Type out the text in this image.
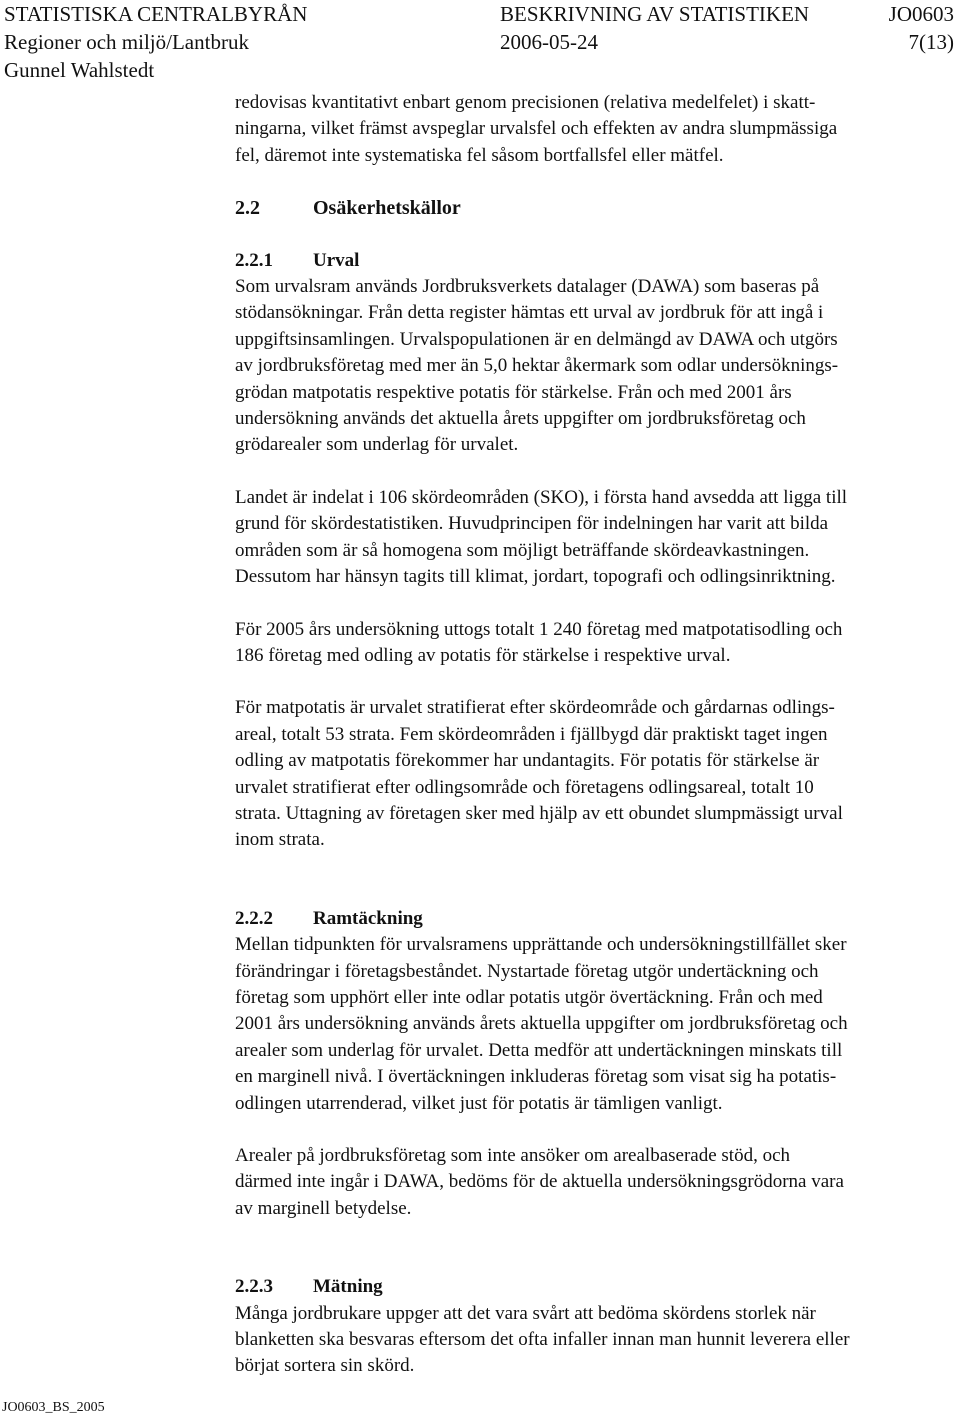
STATISTISKA CENTRALBYRÅN	BESKRIVNING AV STATISTIKEN	JO0603
Regioner och miljö/Lantbruk	2006-05-24	7(13)
Gunnel Wahlstedt

redovisas kvantitativt enbart genom precisionen (relativa medelfelet) i skatt-
ningarna, vilket främst avspeglar urvalsfel och effekten av andra slumpmässiga
fel, däremot inte systematiska fel såsom bortfallsfel eller mätfel.

2.2	Osäkerhetskällor
2.2.1 Urval

Som urvalsram används Jordbruksverkets datalager (DAWA) som baseras på
stödansökningar. Från detta register hämtas ett urval av jordbruk för att ingå i
uppgiftsinsamlingen. Urvalspopulationen är en delmängd av DAWA och utgörs
av jordbruksföretag med mer än 5,0 hektar åkermark som odlar undersöknings-
grödan matpotatis respektive potatis för stärkelse. Från och med 2001 års
undersökning används det aktuella årets uppgifter om jordbruksföretag och
grödarealer som underlag för urvalet.

Landet är indelat i 106 skördeområden (SKO), i första hand avsedda att ligga till
grund för skördestatistiken. Huvudprincipen för indelningen har varit att bilda
områden som är så homogena som möjligt beträffande skördeavkastningen.
Dessutom har hänsyn tagits till klimat, jordart, topografi och odlingsinriktning.

För 2005 års undersökning uttogs totalt 1 240 företag med matpotatisodling och
186 företag med odling av potatis för stärkelse i respektive urval.

För matpotatis är urvalet stratifierat efter skördeområde och gårdarnas odlings-
areal, totalt 53 strata. Fem skördeområden i fjällbygd där praktiskt taget ingen
odling av matpotatis förekommer har undantagits. För potatis för stärkelse är
urvalet stratifierat efter odlingsområde och företagens odlingsareal, totalt 10
strata. Uttagning av företagen sker med hjälp av ett obundet slumpmässigt urval
inom strata.

2.2.2 Ramtäckning

Mellan tidpunkten för urvalsramens upprättande och undersökningstillfället sker
förändringar i företagsbeståndet. Nystartade företag utgör undertäckning och
företag som upphört eller inte odlar potatis utgör övertäckning. Från och med
2001 års undersökning används årets aktuella uppgifter om jordbruksföretag och
arealer som underlag för urvalet. Detta medför att undertäckningen minskats till
en marginell nivå. I övertäckningen inkluderas företag som visat sig ha potatis-
odlingen utarrenderad, vilket just för potatis är tämligen vanligt.

Arealer på jordbruksföretag som inte ansöker om arealbaserade stöd, och
därmed inte ingår i DAWA, bedöms för de aktuella undersökningsgrödorna vara
av marginell betydelse.

2.2.3 Mätning

Många jordbrukare uppger att det vara svårt att bedöma skördens storlek när
blanketten ska besvaras eftersom det ofta infaller innan man hunnit leverera eller
börjat sortera sin skörd.

JO0603_BS_2005
